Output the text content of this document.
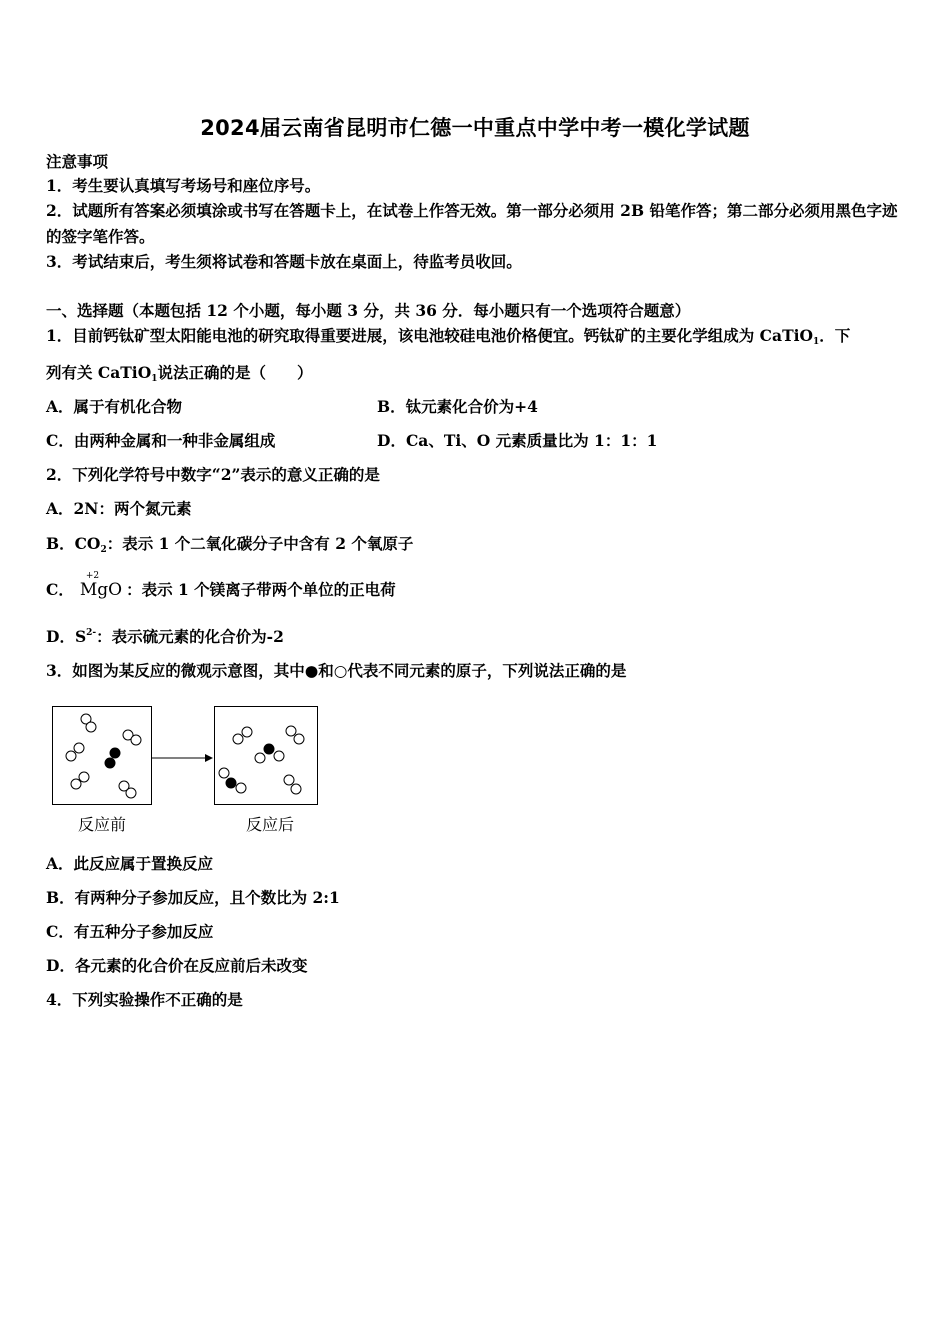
2024届云南省昆明市仁德一中重点中学中考一模化学试题
注意事项
1．考生要认真填写考场号和座位序号。
2．试题所有答案必须填涂或书写在答题卡上，在试卷上作答无效。第一部分必须用 2B 铅笔作答；第二部分必须用黑色字迹的签字笔作答。
3．考试结束后，考生须将试卷和答题卡放在桌面上，待监考员收回。
一、选择题（本题包括 12 个小题，每小题 3 分，共 36 分．每小题只有一个选项符合题意）
1．目前钙钛矿型太阳能电池的研究取得重要进展，该电池较硅电池价格便宜。钙钛矿的主要化学组成为 CaTiO1．下
列有关 CaTiO1说法正确的是（　　）
A．属于有机化合物	B．钛元素化合价为+4
C．由两种金属和一种非金属组成	D．Ca、Ti、O 元素质量比为 1：1：1
2．下列化学符号中数字“2”表示的意义正确的是
A．2N：两个氮元素
B．CO2：表示 1 个二氧化碳分子中含有 2 个氧原子
C．
+2
MgO ：表示 1 个镁离子带两个单位的正电荷
D．$S^{2-}$：表示硫元素的化合价为-2
3．如图为某反应的微观示意图，其中●和○代表不同元素的原子，下列说法正确的是
反应前	反应后
A．此反应属于置换反应
B．有两种分子参加反应，且个数比为 2:1
C．有五种分子参加反应
D．各元素的化合价在反应前后未改变
4．下列实验操作不正确的是
